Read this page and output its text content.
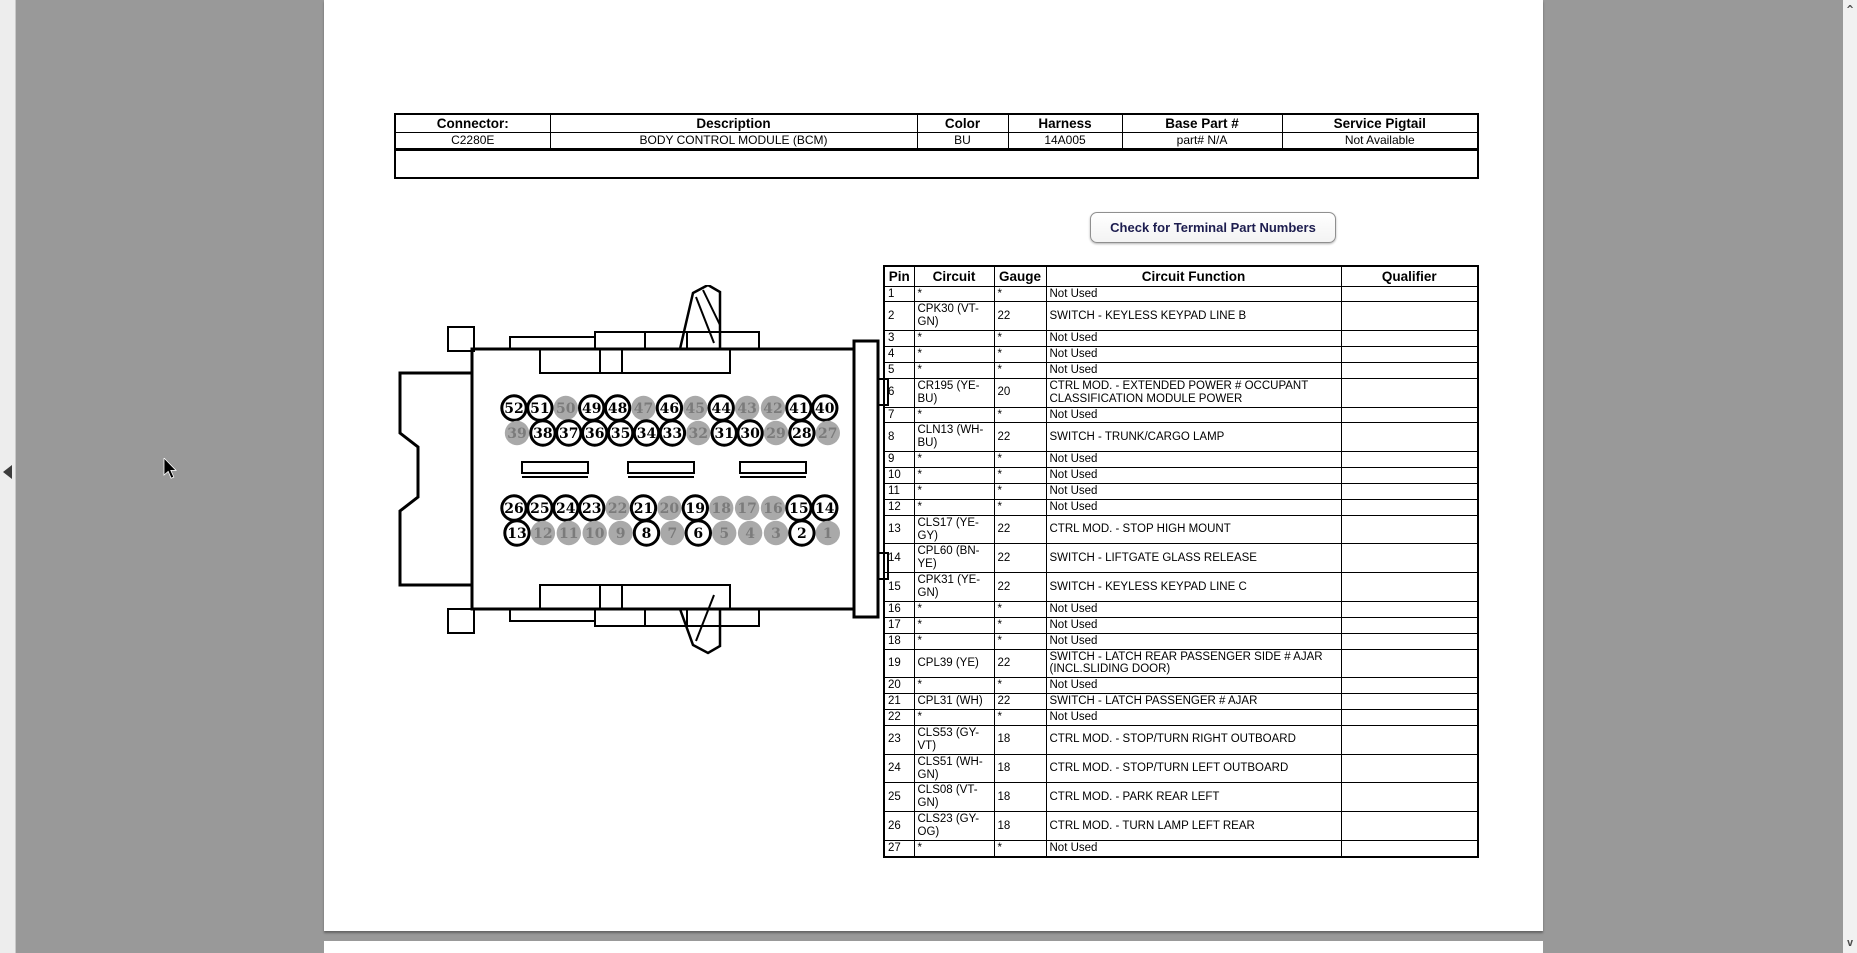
Connector:	Description	Color	Harness	Base Part #	Service Pigtail
C2280E	BODY CONTROL MODULE (BCM)	BU	14A005	part# N/A	Not Available

Check for Terminal Part Numbers
52 51 50 49 48 47 46 45 44 43 42 41 40
39 38 37 36 35 34 33 32 31 30 29 28 27
26 25 24 23 22 21 20 19 18 17 16 15 14
13 12 11 10 9 8 7 6 5 4 3 2 1
Pin	Circuit	Gauge	Circuit Function	Qualifier
1	*	*	Not Used	
2	CPK30 (VT-GN)	22	SWITCH - KEYLESS KEYPAD LINE B	
3	*	*	Not Used	
4	*	*	Not Used	
5	*	*	Not Used	
6	CR195 (YE-BU)	20	CTRL MOD. - EXTENDED POWER # OCCUPANT CLASSIFICATION MODULE POWER	
7	*	*	Not Used	
8	CLN13 (WH-BU)	22	SWITCH - TRUNK/CARGO LAMP	
9	*	*	Not Used	
10	*	*	Not Used	
11	*	*	Not Used	
12	*	*	Not Used	
13	CLS17 (YE-GY)	22	CTRL MOD. - STOP HIGH MOUNT	
14	CPL60 (BN-YE)	22	SWITCH - LIFTGATE GLASS RELEASE	
15	CPK31 (YE-GN)	22	SWITCH - KEYLESS KEYPAD LINE C	
16	*	*	Not Used	
17	*	*	Not Used	
18	*	*	Not Used	
19	CPL39 (YE)	22	SWITCH - LATCH REAR PASSENGER SIDE # AJAR (INCL.SLIDING DOOR)	
20	*	*	Not Used	
21	CPL31 (WH)	22	SWITCH - LATCH PASSENGER # AJAR	
22	*	*	Not Used	
23	CLS53 (GY-VT)	18	CTRL MOD. - STOP/TURN RIGHT OUTBOARD	
24	CLS51 (WH-GN)	18	CTRL MOD. - STOP/TURN LEFT OUTBOARD	
25	CLS08 (VT-GN)	18	CTRL MOD. - PARK REAR LEFT	
26	CLS23 (GY-OG)	18	CTRL MOD. - TURN LAMP LEFT REAR	
27	*	*	Not Used	
^
v
